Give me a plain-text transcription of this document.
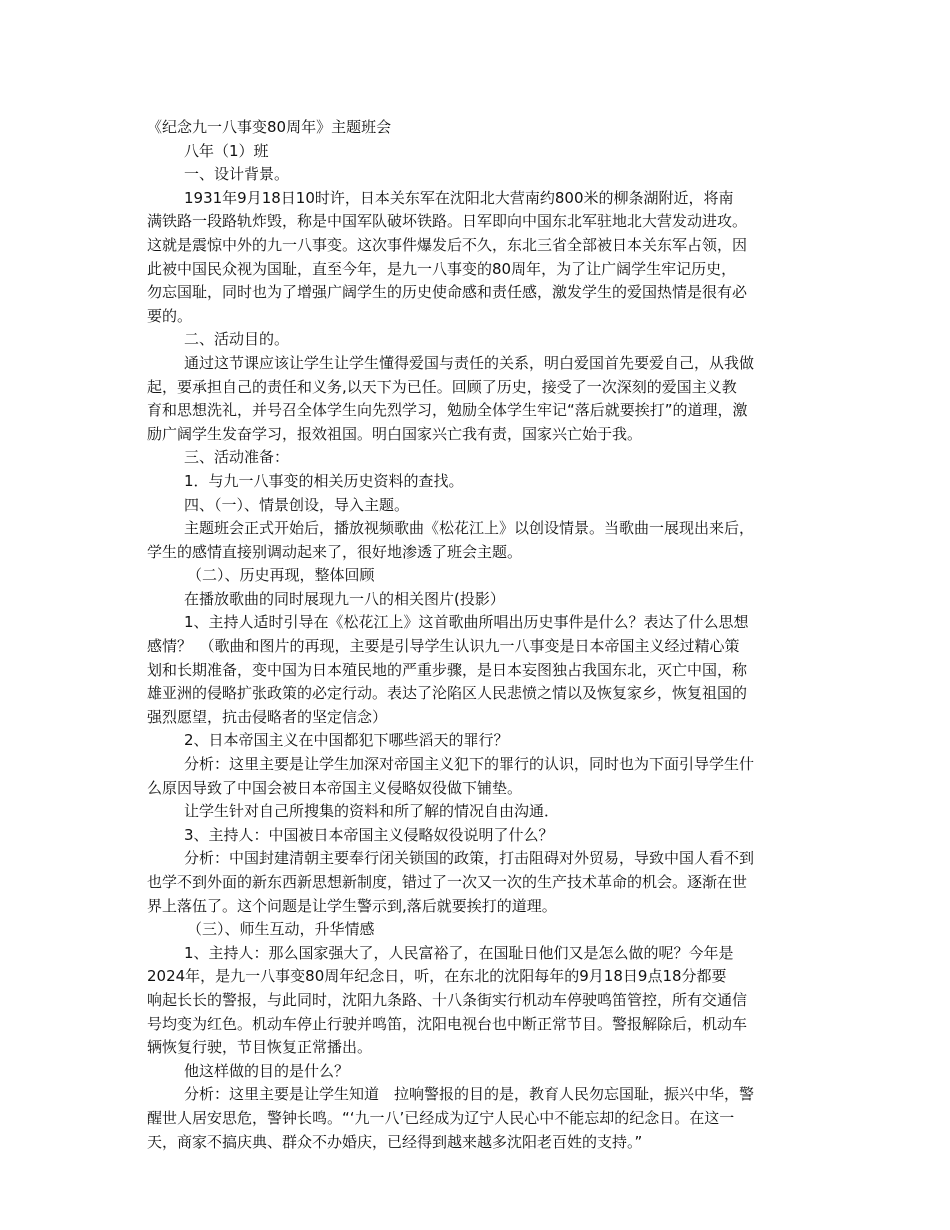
《纪念九一八事变80周年》主题班会
八年（1）班
一、设计背景。
1931年9月18日10时许，日本关东军在沈阳北大营南约800米的柳条湖附近，将南
满铁路一段路轨炸毁，称是中国军队破坏铁路。日军即向中国东北军驻地北大营发动进攻。
这就是震惊中外的九一八事变。这次事件爆发后不久，东北三省全部被日本关东军占领，因
此被中国民众视为国耻，直至今年，是九一八事变的80周年，为了让广阔学生牢记历史，
勿忘国耻，同时也为了增强广阔学生的历史使命感和责任感，激发学生的爱国热情是很有必
要的。
二、活动目的。
通过这节课应该让学生让学生懂得爱国与责任的关系，明白爱国首先要爱自己，从我做
起，要承担自己的责任和义务,以天下为已任。回顾了历史，接受了一次深刻的爱国主义教
育和思想洗礼，并号召全体学生向先烈学习，勉励全体学生牢记“落后就要挨打”的道理，激
励广阔学生发奋学习，报效祖国。明白国家兴亡我有责，国家兴亡始于我。
三、活动准备：
1．与九一八事变的相关历史资料的查找。
四、（一）、情景创设，导入主题。
主题班会正式开始后，播放视频歌曲《松花江上》以创设情景。当歌曲一展现出来后，
学生的感情直接别调动起来了，很好地渗透了班会主题。
（二）、历史再现，整体回顾
在播放歌曲的同时展现九一八的相关图片(投影）
1、主持人适时引导在《松花江上》这首歌曲所唱出历史事件是什么？表达了什么思想
感情？　（歌曲和图片的再现，主要是引导学生认识九一八事变是日本帝国主义经过精心策
划和长期准备，变中国为日本殖民地的严重步骤，是日本妄图独占我国东北，灭亡中国，称
雄亚洲的侵略扩张政策的必定行动。表达了沦陷区人民悲愤之情以及恢复家乡，恢复祖国的
强烈愿望，抗击侵略者的坚定信念）
2、日本帝国主义在中国都犯下哪些滔天的罪行？
分析：这里主要是让学生加深对帝国主义犯下的罪行的认识，同时也为下面引导学生什
么原因导致了中国会被日本帝国主义侵略奴役做下铺垫。
让学生针对自己所搜集的资料和所了解的情况自由沟通．
3、主持人：中国被日本帝国主义侵略奴役说明了什么？
分析：中国封建清朝主要奉行闭关锁国的政策，打击阻碍对外贸易，导致中国人看不到
也学不到外面的新东西新思想新制度，错过了一次又一次的生产技术革命的机会。逐渐在世
界上落伍了。这个问题是让学生警示到,落后就要挨打的道理。
（三）、师生互动，升华情感
1、主持人：那么国家强大了，人民富裕了，在国耻日他们又是怎么做的呢？今年是
2024年，是九一八事变80周年纪念日，听，在东北的沈阳每年的9月18日9点18分都要
响起长长的警报，与此同时，沈阳九条路、十八条街实行机动车停驶鸣笛管控，所有交通信
号均变为红色。机动车停止行驶并鸣笛，沈阳电视台也中断正常节目。警报解除后，机动车
辆恢复行驶，节目恢复正常播出。
他这样做的目的是什么？
分析：这里主要是让学生知道　拉响警报的目的是，教育人民勿忘国耻，振兴中华，警
醒世人居安思危，警钟长鸣。“‘九一八’已经成为辽宁人民心中不能忘却的纪念日。在这一
天，商家不搞庆典、群众不办婚庆，已经得到越来越多沈阳老百姓的支持。”
